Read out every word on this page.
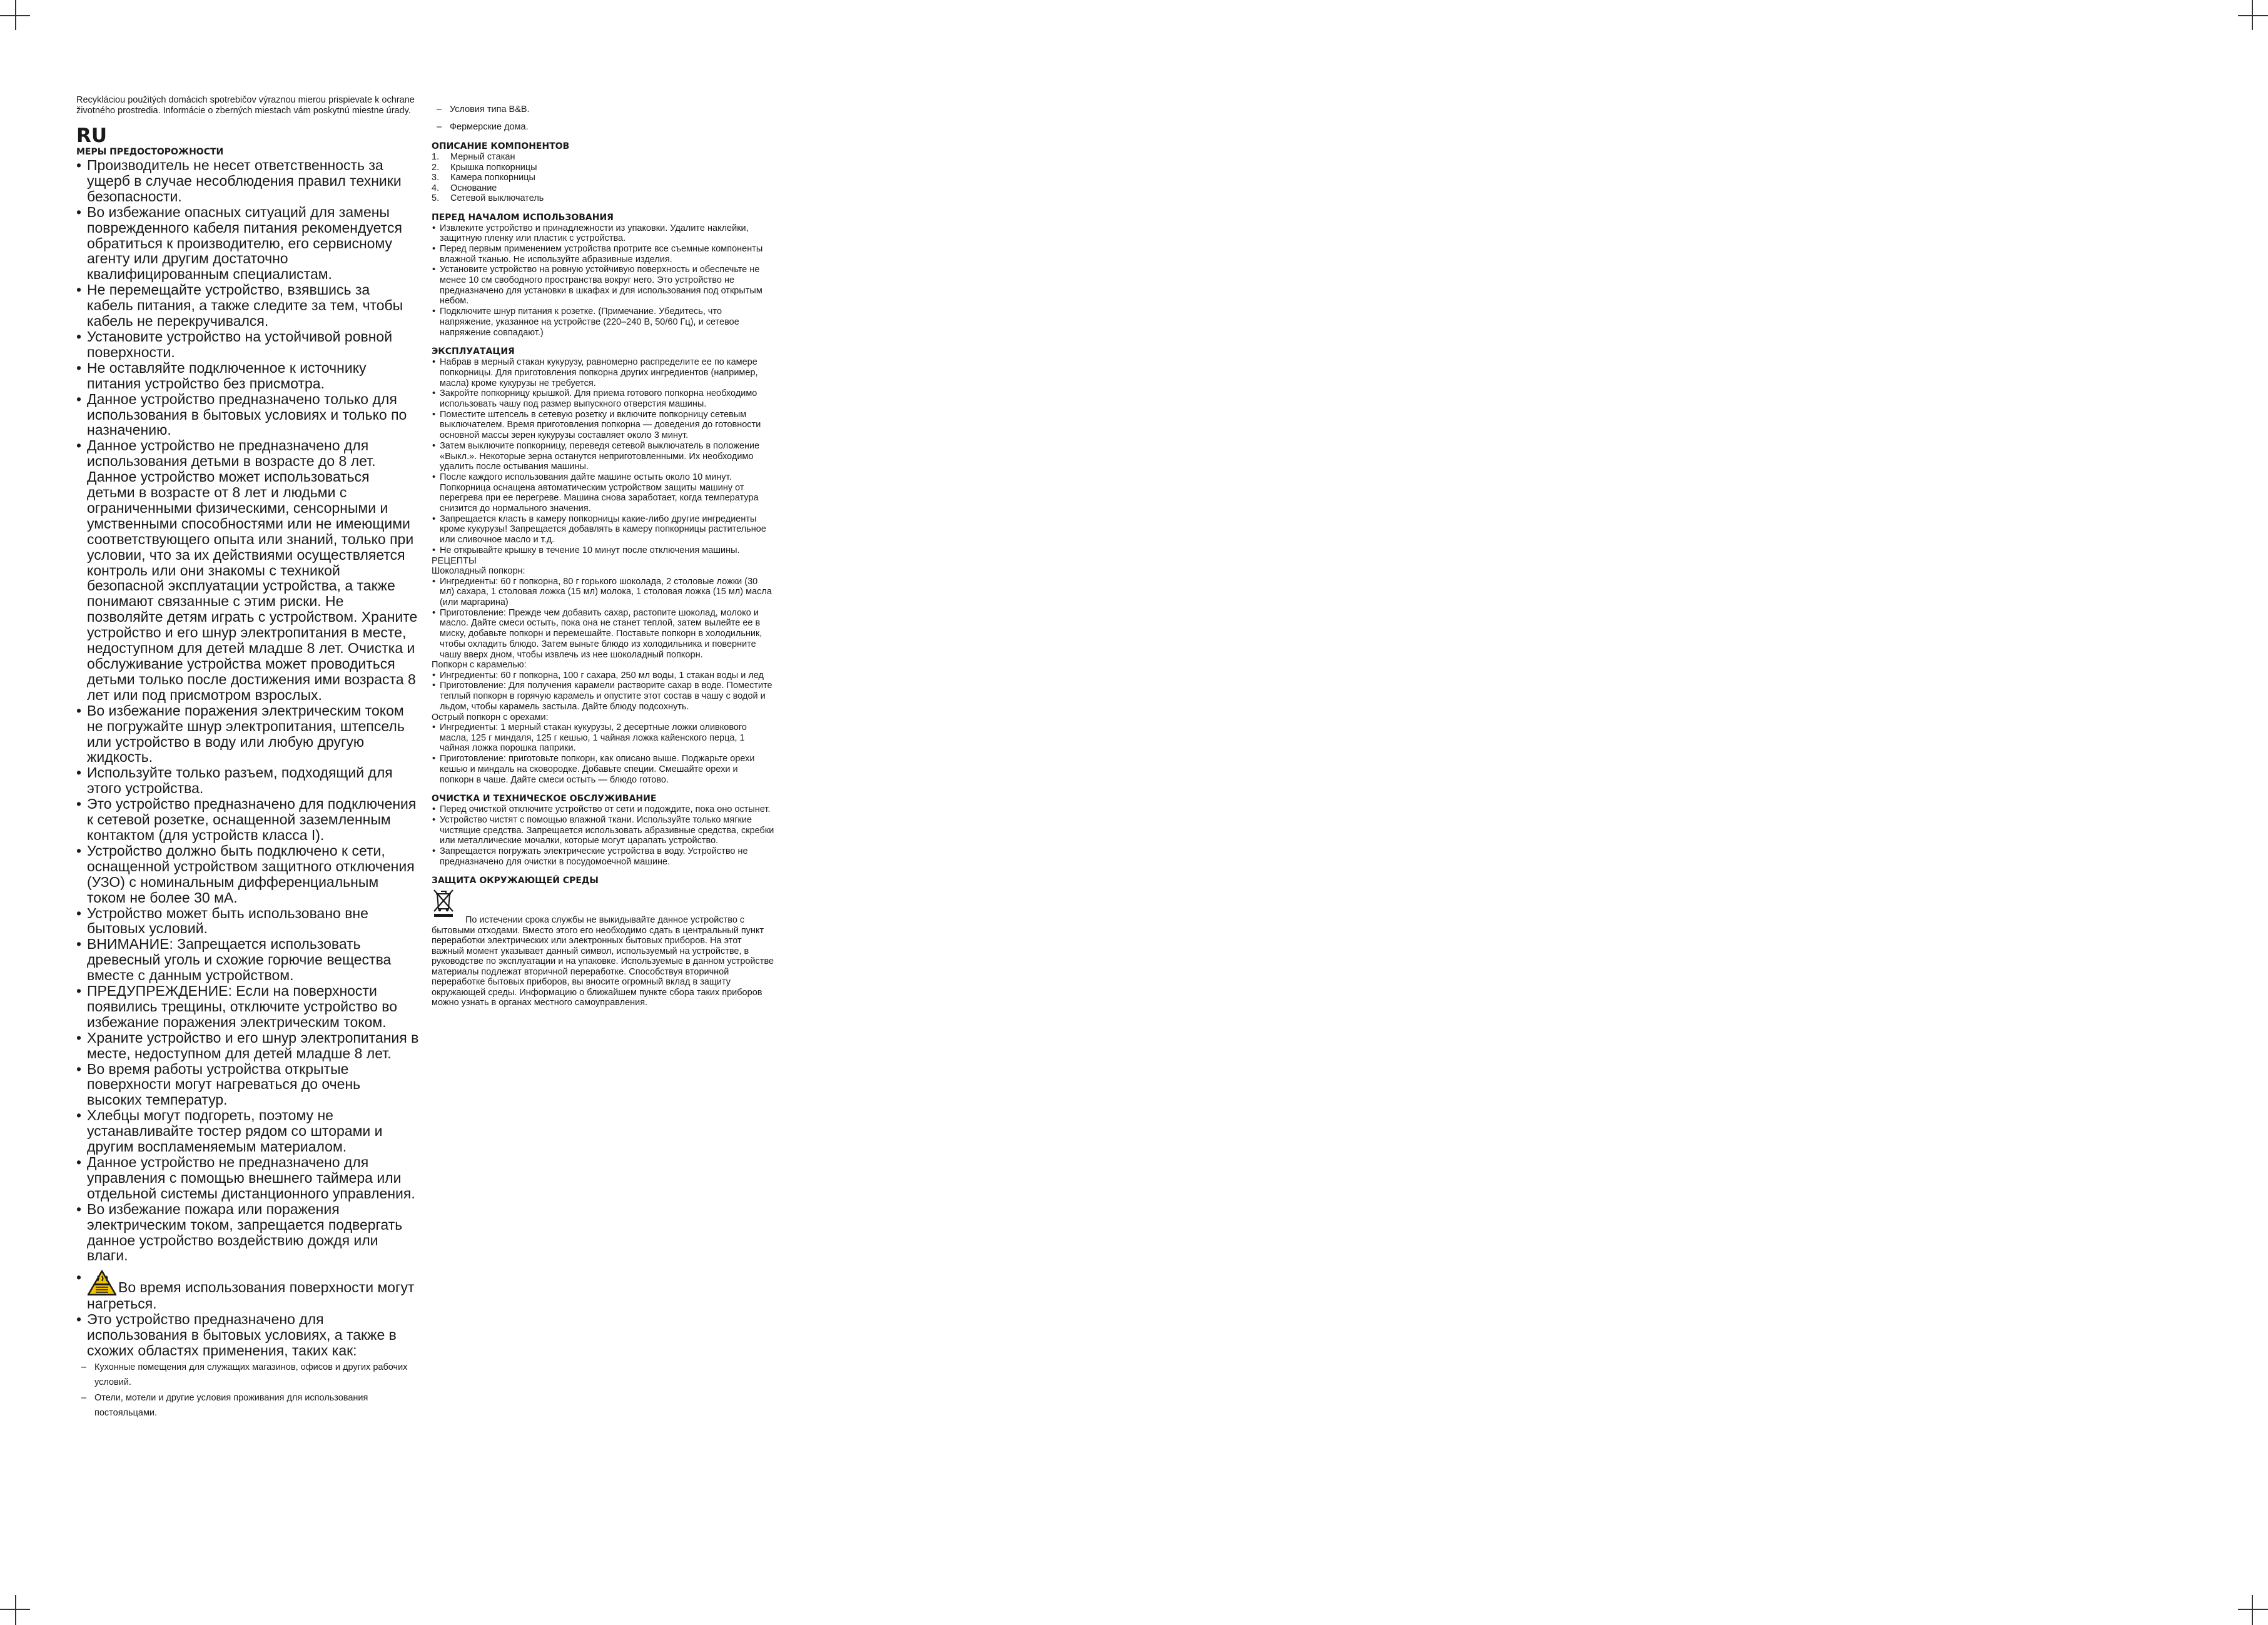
Recykláciou použitých domácich spotrebičov výraznou mierou prispievate k ochrane životného prostredia. Informácie o zberných miestach vám poskytnú miestne úrady.

RU
МЕРЫ ПРЕДОСТОРОЖНОСТИ
• Производитель не несет ответственность за ущерб в случае несоблюдения правил техники безопасности.
• Во избежание опасных ситуаций для замены поврежденного кабеля питания рекомендуется обратиться к производителю, его сервисному агенту или другим достаточно квалифицированным специалистам.
• Не перемещайте устройство, взявшись за кабель питания, а также следите за тем, чтобы кабель не перекручивался.
• Установите устройство на устойчивой ровной поверхности.
• Не оставляйте подключенное к источнику питания устройство без присмотра.
• Данное устройство предназначено только для использования в бытовых условиях и только по назначению.
• Данное устройство не предназначено для использования детьми в возрасте до 8 лет. Данное устройство может использоваться детьми в возрасте от 8 лет и людьми с ограниченными физическими, сенсорными и умственными способностями или не имеющими соответствующего опыта или знаний, только при условии, что за их действиями осуществляется контроль или они знакомы с техникой безопасной эксплуатации устройства, а также понимают связанные с этим риски. Не позволяйте детям играть с устройством. Храните устройство и его шнур электропитания в месте, недоступном для детей младше 8 лет. Очистка и обслуживание устройства может проводиться детьми только после достижения ими возраста 8 лет или под присмотром взрослых.
• Во избежание поражения электрическим током не погружайте шнур электропитания, штепсель или устройство в воду или любую другую жидкость.
• Используйте только разъем, подходящий для этого устройства.
• Это устройство предназначено для подключения к сетевой розетке, оснащенной заземленным контактом (для устройств класса I).
• Устройство должно быть подключено к сети, оснащенной устройством защитного отключения (УЗО) с номинальным дифференциальным током не более 30 мА.
• Устройство может быть использовано вне бытовых условий.
• ВНИМАНИЕ: Запрещается использовать древесный уголь и схожие горючие вещества вместе с данным устройством.
• ПРЕДУПРЕЖДЕНИЕ: Если на поверхности появились трещины, отключите устройство во избежание поражения электрическим током.
• Храните устройство и его шнур электропитания в месте, недоступном для детей младше 8 лет.
• Во время работы устройства открытые поверхности могут нагреваться до очень высоких температур.
• Хлебцы могут подгореть, поэтому не устанавливайте тостер рядом со шторами и другим воспламеняемым материалом.
• Данное устройство не предназначено для управления с помощью внешнего таймера или отдельной системы дистанционного управления.
• Во избежание пожара или поражения электрическим током, запрещается подвергать данное устройство воздействию дождя или влаги.
• Во время использования поверхности могут нагреться.
• Это устройство предназначено для использования в бытовых условиях, а также в схожих областях применения, таких как:
– Кухонные помещения для служащих магазинов, офисов и других рабочих условий.
– Отели, мотели и другие условия проживания для использования постояльцами.
– Условия типа B&B.
– Фермерские дома.
ОПИСАНИЕ КОМПОНЕНТОВ
1.	Мерный стакан
2.	Крышка попкорницы
3.	Камера попкорницы
4.	Основание
5.	Сетевой выключатель
ПЕРЕД НАЧАЛОМ ИСПОЛЬЗОВАНИЯ
• Извлеките устройство и принадлежности из упаковки. Удалите наклейки, защитную пленку или пластик с устройства.
• Перед первым применением устройства протрите все съемные компоненты влажной тканью. Не используйте абразивные изделия.
• Установите устройство на ровную устойчивую поверхность и обеспечьте не менее 10 см свободного пространства вокруг него. Это устройство не предназначено для установки в шкафах и для использования под открытым небом.
• Подключите шнур питания к розетке. (Примечание. Убедитесь, что напряжение, указанное на устройстве (220–240 В, 50/60 Гц), и сетевое напряжение совпадают.)
ЭКСПЛУАТАЦИЯ
• Набрав в мерный стакан кукурузу, равномерно распределите ее по камере попкорницы. Для приготовления попкорна других ингредиентов (например, масла) кроме кукурузы не требуется.
• Закройте попкорницу крышкой. Для приема готового попкорна необходимо использовать чашу под размер выпускного отверстия машины.
• Поместите штепсель в сетевую розетку и включите попкорницу сетевым выключателем. Время приготовления попкорна — доведения до готовности основной массы зерен кукурузы составляет около 3 минут.
• Затем выключите попкорницу, переведя сетевой выключатель в положение «Выкл.». Некоторые зерна останутся неприготовленными. Их необходимо удалить после остывания машины.
• После каждого использования дайте машине остыть около 10 минут. Попкорница оснащена автоматическим устройством защиты машину от перегрева при ее перегреве. Машина снова заработает, когда температура снизится до нормального значения.
• Запрещается класть в камеру попкорницы какие-либо другие ингредиенты кроме кукурузы! Запрещается добавлять в камеру попкорницы растительное или сливочное масло и т.д.
• Не открывайте крышку в течение 10 минут после отключения машины.

РЕЦЕПТЫ

Шоколадный попкорн:

• Ингредиенты: 60 г попкорна, 80 г горького шоколада, 2 столовые ложки (30 мл) сахара, 1 столовая ложка (15 мл) молока, 1 столовая ложка (15 мл) масла (или маргарина)
• Приготовление: Прежде чем добавить сахар, растопите шоколад, молоко и масло. Дайте смеси остыть, пока она не станет теплой, затем вылейте ее в миску, добавьте попкорн и перемешайте. Поставьте попкорн в холодильник, чтобы охладить блюдо. Затем выньте блюдо из холодильника и поверните чашу вверх дном, чтобы извлечь из нее шоколадный попкорн.

Попкорн с карамелью:

• Ингредиенты: 60 г попкорна, 100 г сахара, 250 мл воды, 1 стакан воды и лед
• Приготовление: Для получения карамели растворите сахар в воде. Поместите теплый попкорн в горячую карамель и опустите этот состав в чашу с водой и льдом, чтобы карамель застыла. Дайте блюду подсохнуть.

Острый попкорн с орехами:

• Ингредиенты: 1 мерный стакан кукурузы, 2 десертные ложки оливкового масла, 125 г миндаля, 125 г кешью, 1 чайная ложка кайенского перца, 1 чайная ложка порошка паприки.
• Приготовление: приготовьте попкорн, как описано выше. Поджарьте орехи кешью и миндаль на сковородке. Добавьте специи. Смешайте орехи и попкорн в чаше. Дайте смеси остыть — блюдо готово.
ОЧИСТКА И ТЕХНИЧЕСКОЕ ОБСЛУЖИВАНИЕ
• Перед очисткой отключите устройство от сети и подождите, пока оно остынет.
• Устройство чистят с помощью влажной ткани. Используйте только мягкие чистящие средства. Запрещается использовать абразивные средства, скребки или металлические мочалки, которые могут царапать устройство.
• Запрещается погружать электрические устройства в воду. Устройство не предназначено для очистки в посудомоечной машине.
ЗАЩИТА ОКРУЖАЮЩЕЙ СРЕДЫ

По истечении срока службы не выкидывайте данное устройство с бытовыми отходами. Вместо этого его необходимо сдать в центральный пункт переработки электрических или электронных бытовых приборов. На этот важный момент указывает данный символ, используемый на устройстве, в руководстве по эксплуатации и на упаковке. Используемые в данном устройстве материалы подлежат вторичной переработке. Способствуя вторичной переработке бытовых приборов, вы вносите огромный вклад в защиту окружающей среды. Информацию о ближайшем пункте сбора таких приборов можно узнать в органах местного самоуправления.
